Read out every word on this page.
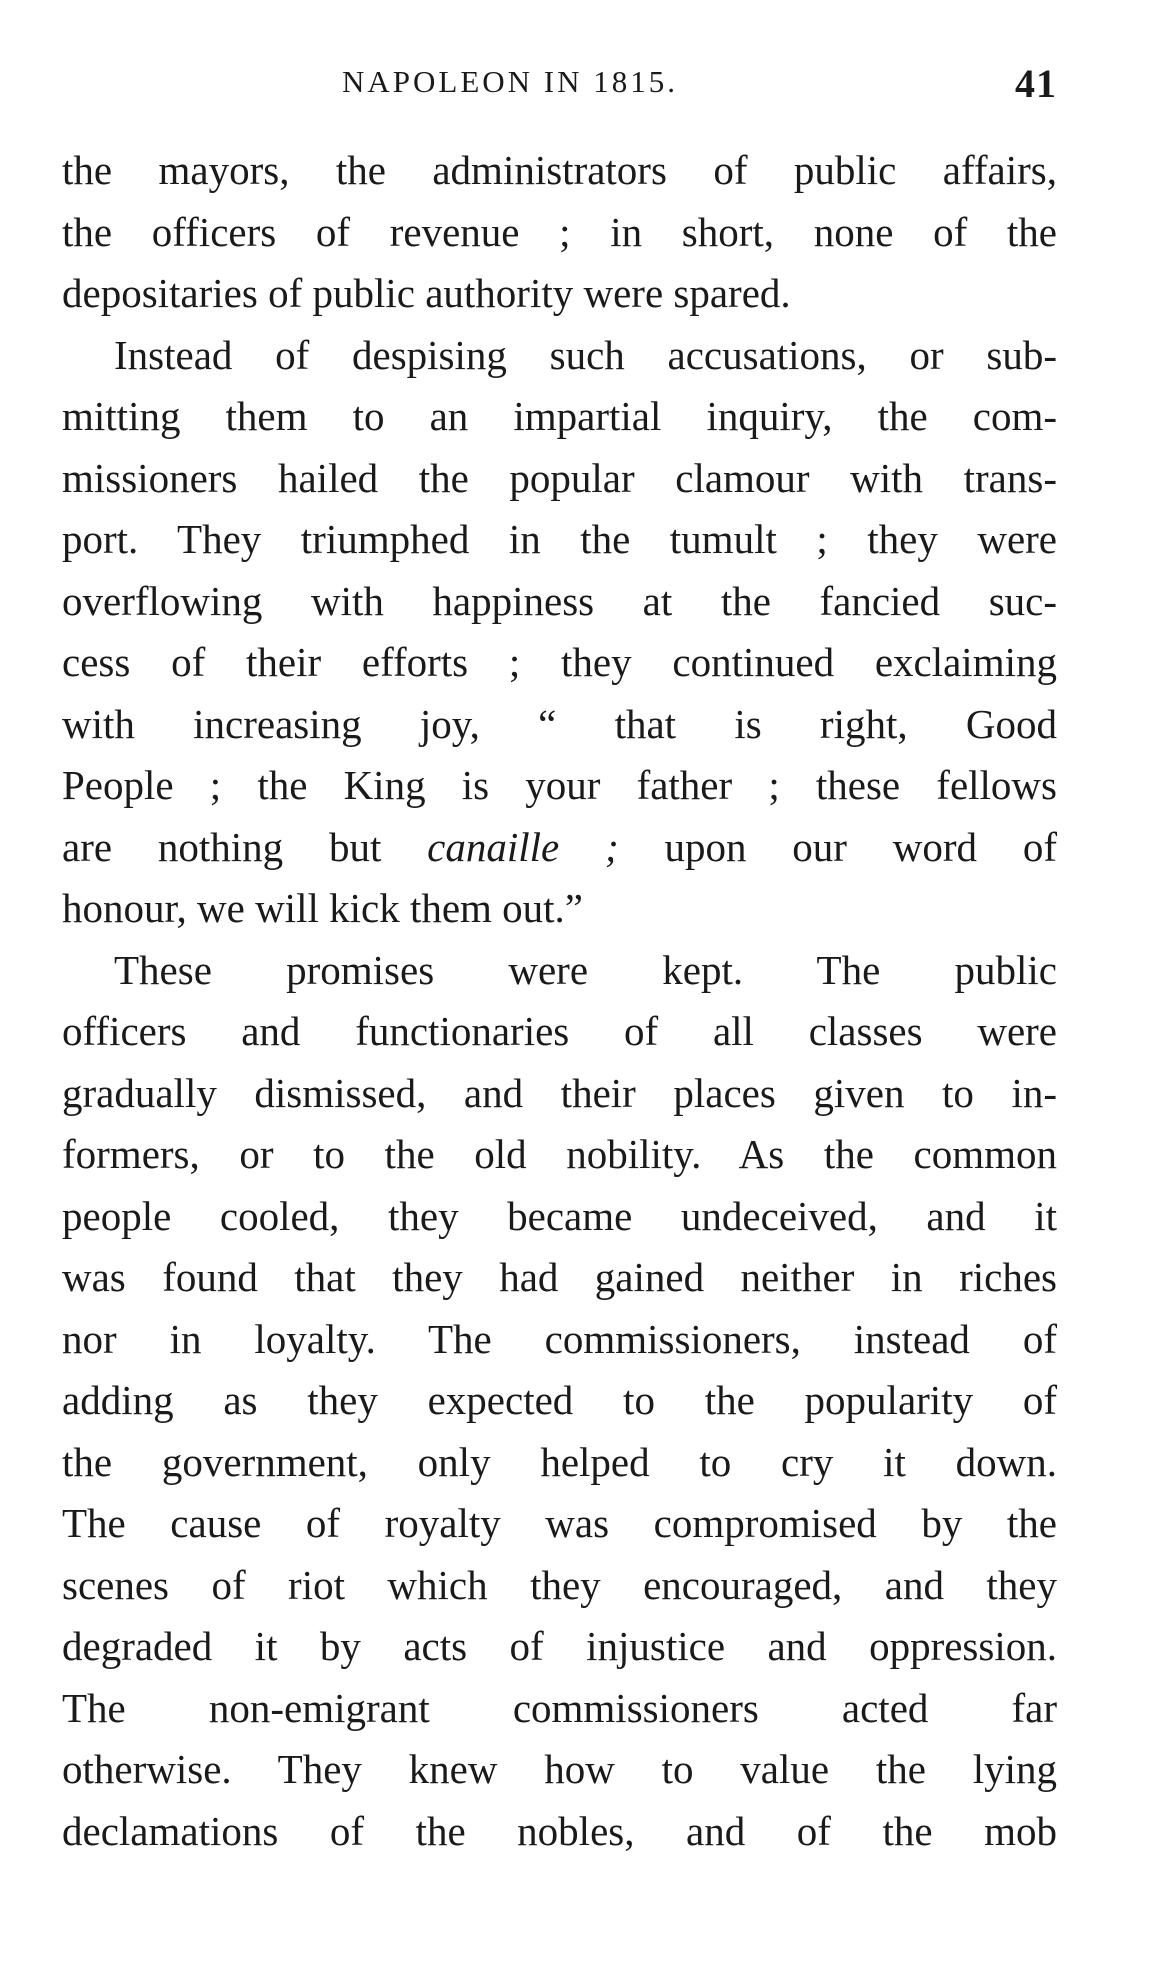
NAPOLEON IN 1815.	41
the mayors, the administrators of public affairs,
the officers of revenue ; in short, none of the
depositaries of public authority were spared.
Instead of despising such accusations, or sub-
mitting them to an impartial inquiry, the com-
missioners hailed the popular clamour with trans-
port. They triumphed in the tumult ; they were
overflowing with happiness at the fancied suc-
cess of their efforts ; they continued exclaiming
with increasing joy, “ that is right, Good
People ; the King is your father ; these fellows
are nothing but canaille ; upon our word of
honour, we will kick them out.”
These promises were kept. The public
officers and functionaries of all classes were
gradually dismissed, and their places given to in-
formers, or to the old nobility. As the common
people cooled, they became undeceived, and it
was found that they had gained neither in riches
nor in loyalty. The commissioners, instead of
adding as they expected to the popularity of
the government, only helped to cry it down.
The cause of royalty was compromised by the
scenes of riot which they encouraged, and they
degraded it by acts of injustice and oppression.
The non-emigrant commissioners acted far
otherwise. They knew how to value the lying
declamations of the nobles, and of the mob
